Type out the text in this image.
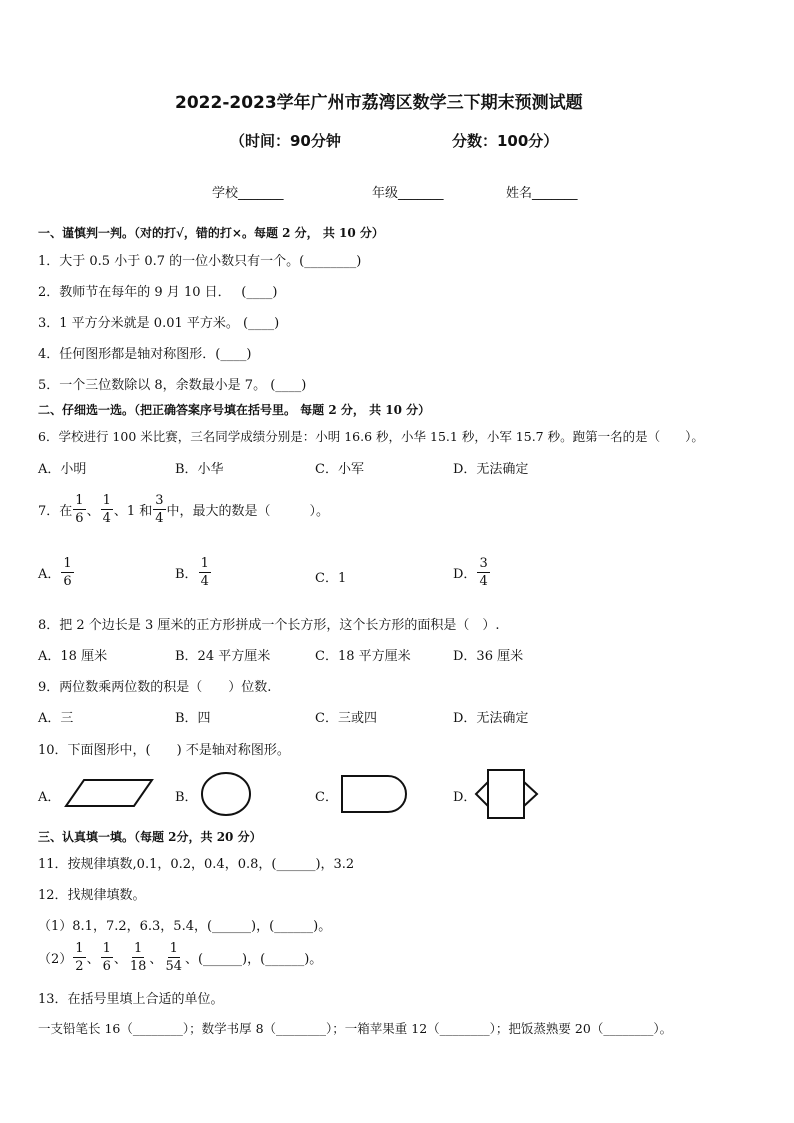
2022-2023学年广州市荔湾区数学三下期末预测试题
（时间：90分钟	分数：100分）
学校_______	年级_______	姓名_______
一、谨慎判一判。（对的打√，错的打×。每题 2 分， 共 10 分）
1．大于 0.5 小于 0.7 的一位小数只有一个。(________)
2．教师节在每年的 9 月 10 日．　 (____)
3．1 平方分米就是 0.01 平方米。 (____)
4．任何图形都是轴对称图形．(____)
5．一个三位数除以 8，余数最小是 7。 (____)
二、仔细选一选。（把正确答案序号填在括号里。 每题 2 分， 共 10 分）
6．学校进行 100 米比赛，三名同学成绩分别是：小明 16.6 秒，小华 15.1 秒，小军 15.7 秒。跑第一名的是（　　）。
A．小明	B．小华	C．小军	D．无法确定
7．在 $\frac{1}{6}$ 、 $\frac{1}{4}$ 、1 和 $\frac{3}{4}$ 中，最大的数是（　　　）。
A． $\frac{1}{6}$	B． $\frac{1}{4}$	C．1	D． $\frac{3}{4}$
8．把 2 个边长是 3 厘米的正方形拼成一个长方形，这个长方形的面积是（　）.
A．18 厘米	B．24 平方厘米	C．18 平方厘米	D．36 厘米
9．两位数乘两位数的积是（　　）位数.
A．三	B．四	C．三或四	D．无法确定
10．下面图形中，(　　) 不是轴对称图形。
A．	B．	C．	D．
三、认真填一填。（每题 2分，共 20 分）
11．按规律填数,0.1，0.2，0.4，0.8，(______)，3.2
12．找规律填数。
（1）8.1，7.2，6.3，5.4，(______)，(______)。
$(2) \frac{1}{2}$ 、 $\frac{1}{6}$ 、 $\frac{1}{18}$ 、 $\frac{1}{54}$ 、(______)，(______)。
13．在括号里填上合适的单位。
一支铅笔长 16（________）；数学书厚 8（________）；一箱苹果重 12（________）；把饭蒸熟要 20（________）。
